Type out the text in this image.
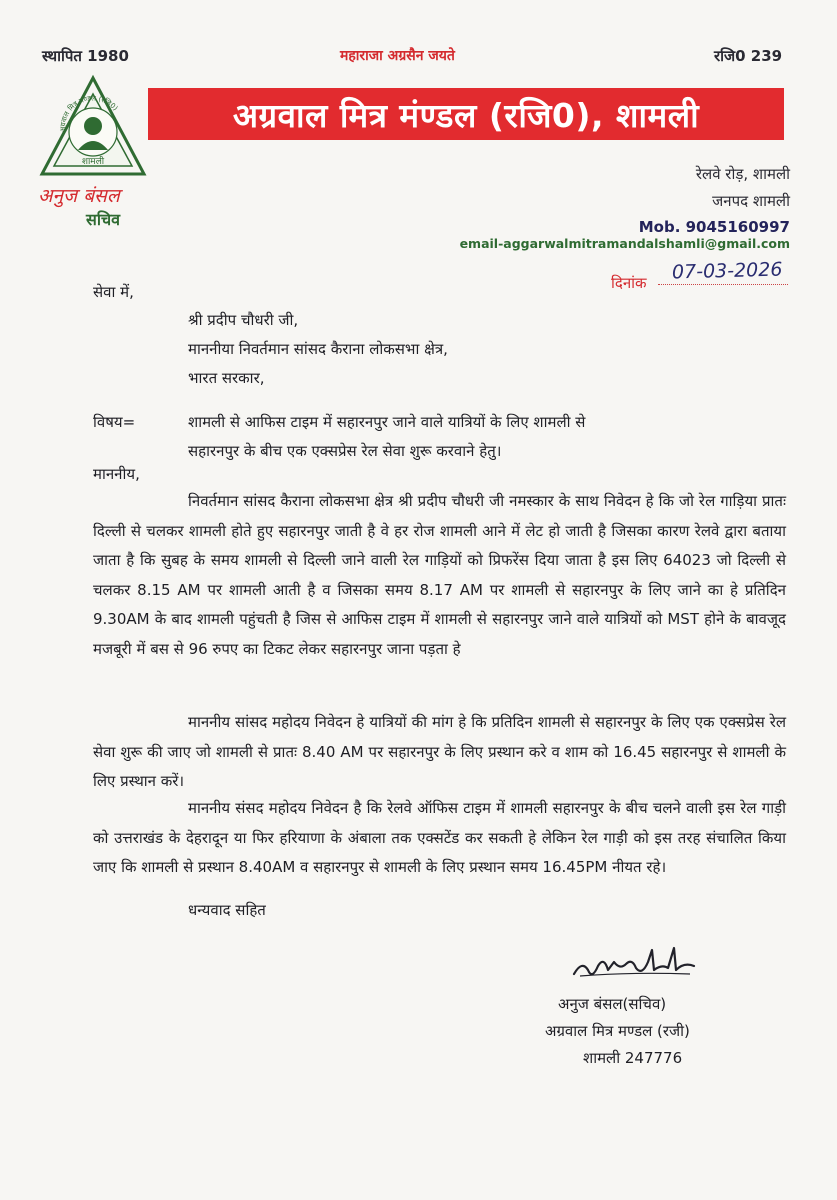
स्थापित 1980	महाराजा अग्रसैन जयते	रजि0 239
अग्रवाल मित्र मण्डल (रजि0)
शामली
अग्रवाल मित्र मंण्डल (रजि0), शामली
अनुज बंसल
सचिव
रेलवे रोड़, शामली
जनपद शामली
Mob. 9045160997
email-aggarwalmitramandalshamli@gmail.com
दिनांक 07-03-2026
सेवा में,
श्री प्रदीप चौधरी जी,
माननीया निवर्तमान सांसद कैराना लोकसभा क्षेत्र,
भारत सरकार,
विषय=	शामली से आफिस टाइम में सहारनपुर जाने वाले यात्रियों के लिए शामली से
सहारनपुर के बीच एक एक्सप्रेस रेल सेवा शुरू करवाने हेतु।
माननीय,
निवर्तमान सांसद कैराना लोकसभा क्षेत्र श्री प्रदीप चौधरी जी नमस्कार के साथ निवेदन हे कि जो रेल गाड़िया प्रातः दिल्ली से चलकर शामली होते हुए सहारनपुर जाती है वे हर रोज शामली आने में लेट हो जाती है जिसका कारण रेलवे द्वारा बताया जाता है कि सुबह के समय शामली से दिल्ली जाने वाली रेल गाड़ियों को प्रिफरेंस दिया जाता है इस लिए 64023 जो दिल्ली से चलकर 8.15 AM पर शामली आती है व जिसका समय 8.17 AM पर शामली से सहारनपुर के लिए जाने का हे प्रतिदिन 9.30AM के बाद शामली पहुंचती है जिस से आफिस टाइम में शामली से सहारनपुर जाने वाले यात्रियों को MST होने के बावजूद मजबूरी में बस से 96 रुपए का टिकट लेकर सहारनपुर जाना पड़ता हे
माननीय सांसद महोदय निवेदन हे यात्रियों की मांग हे कि प्रतिदिन शामली से सहारनपुर के लिए एक एक्सप्रेस रेल सेवा शुरू की जाए जो शामली से प्रातः 8.40 AM पर सहारनपुर के लिए प्रस्थान करे व शाम को 16.45 सहारनपुर से शामली के लिए प्रस्थान करें।
माननीय संसद महोदय निवेदन है कि रेलवे ऑफिस टाइम में शामली सहारनपुर के बीच चलने वाली इस रेल गाड़ी को उत्तराखंड के देहरादून या फिर हरियाणा के अंबाला तक एक्सटेंड कर सकती हे लेकिन रेल गाड़ी को इस तरह संचालित किया जाए कि शामली से प्रस्थान 8.40AM व सहारनपुर से शामली के लिए प्रस्थान समय 16.45PM नीयत रहे।
धन्यवाद सहित
अनुज बंसल(सचिव)
अग्रवाल मित्र मण्डल (रजी)
शामली 247776
